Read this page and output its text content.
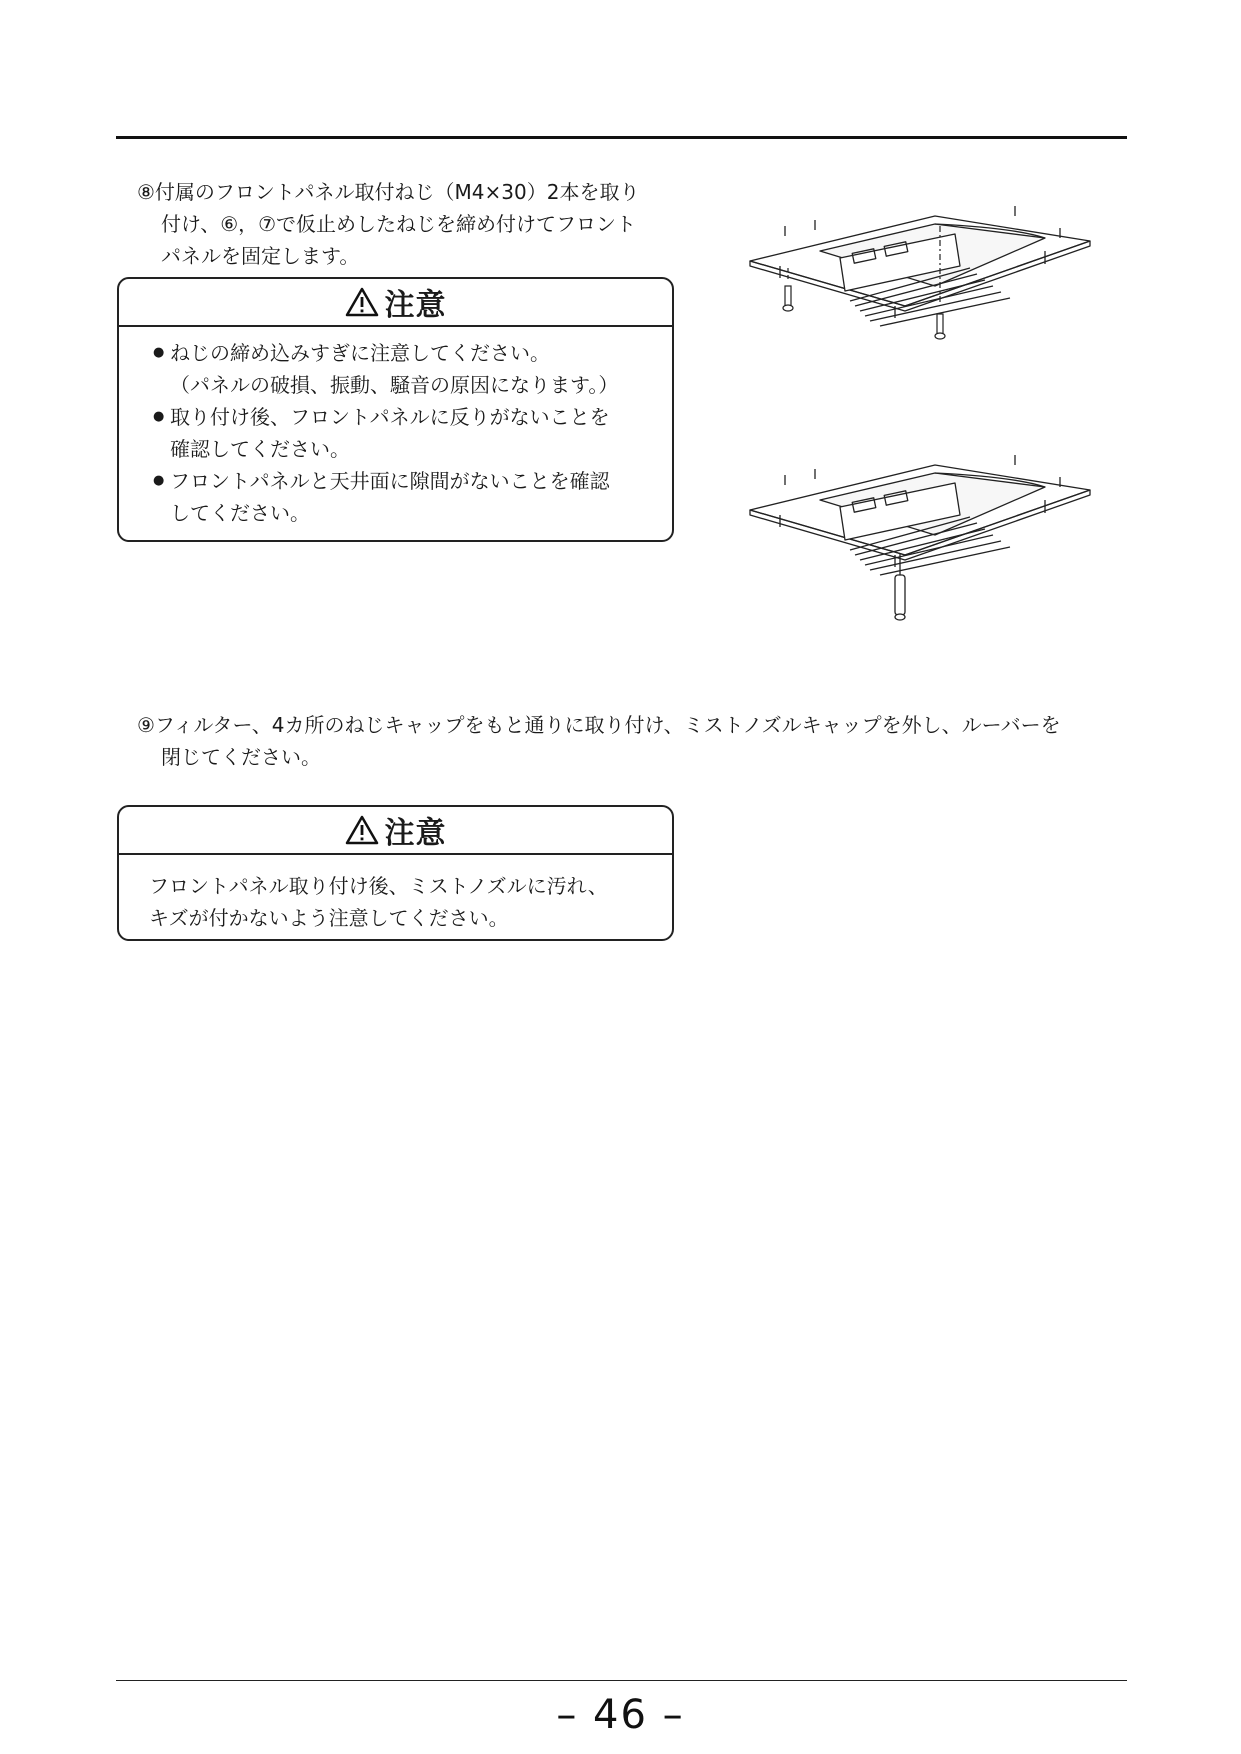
⑧付属のフロントパネル取付ねじ（M4×30）2本を取り

付け、⑥，⑦で仮止めしたねじを締め付けてフロント

パネルを固定します。

注意
● ねじの締め込みすぎに注意してください。

（パネルの破損、振動、騒音の原因になります。）

● 取り付け後、フロントパネルに反りがないことを

確認してください。

● フロントパネルと天井面に隙間がないことを確認

してください。

⑨フィルター、4カ所のねじキャップをもと通りに取り付け、ミストノズルキャップを外し、ルーバーを

閉じてください。

注意

フロントパネル取り付け後、ミストノズルに汚れ、

キズが付かないよう注意してください。

– 46 –
